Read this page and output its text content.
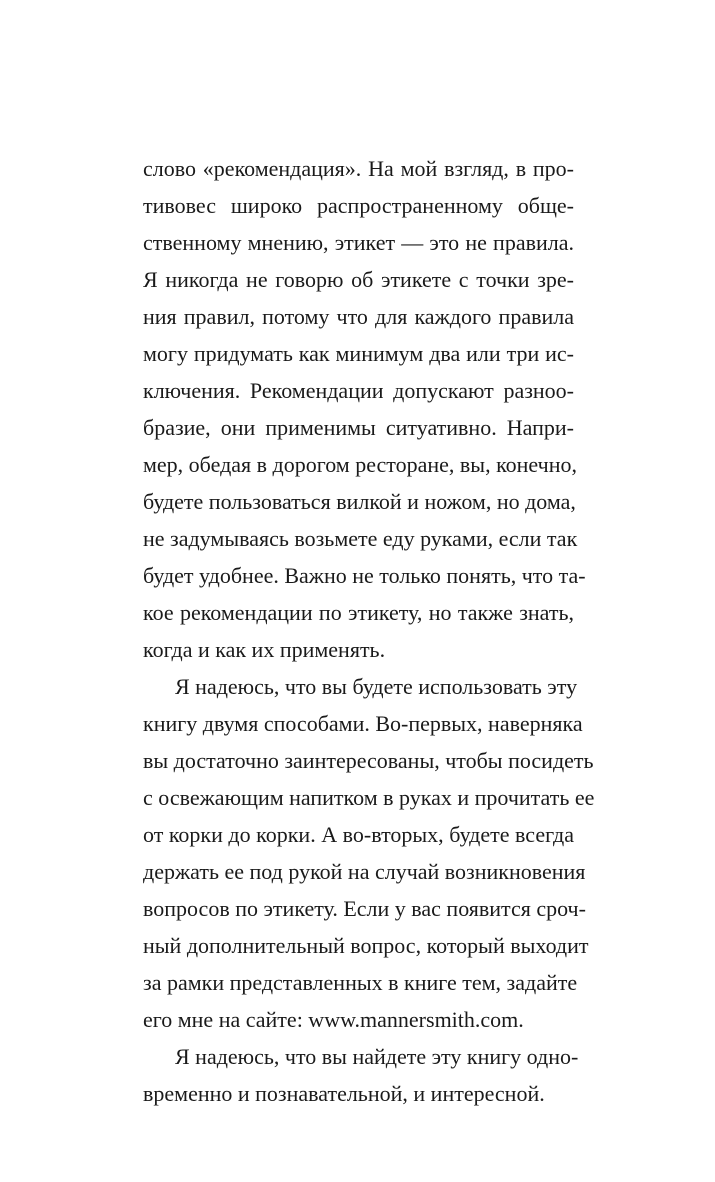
слово «рекомендация». На мой взгляд, в про-
тивовес широко распространенному обще-
ственному мнению, этикет — это не правила.
Я никогда не говорю об этикете с точки зре-
ния правил, потому что для каждого правила
могу придумать как минимум два или три ис-
ключения. Рекомендации допускают разноо-
бразие, они применимы ситуативно. Напри-
мер, обедая в дорогом ресторане, вы, конечно,
будете пользоваться вилкой и ножом, но дома,
не задумываясь возьмете еду руками, если так
будет удобнее. Важно не только понять, что та-
кое рекомендации по этикету, но также знать,
когда и как их применять.
Я надеюсь, что вы будете использовать эту
книгу двумя способами. Во-первых, наверняка
вы достаточно заинтересованы, чтобы посидеть
с освежающим напитком в руках и прочитать ее
от корки до корки. А во-вторых, будете всегда
держать ее под рукой на случай возникновения
вопросов по этикету. Если у вас появится сроч-
ный дополнительный вопрос, который выходит
за рамки представленных в книге тем, задайте
его мне на сайте: www.mannersmith.com.
Я надеюсь, что вы найдете эту книгу одно-
временно и познавательной, и интересной.
